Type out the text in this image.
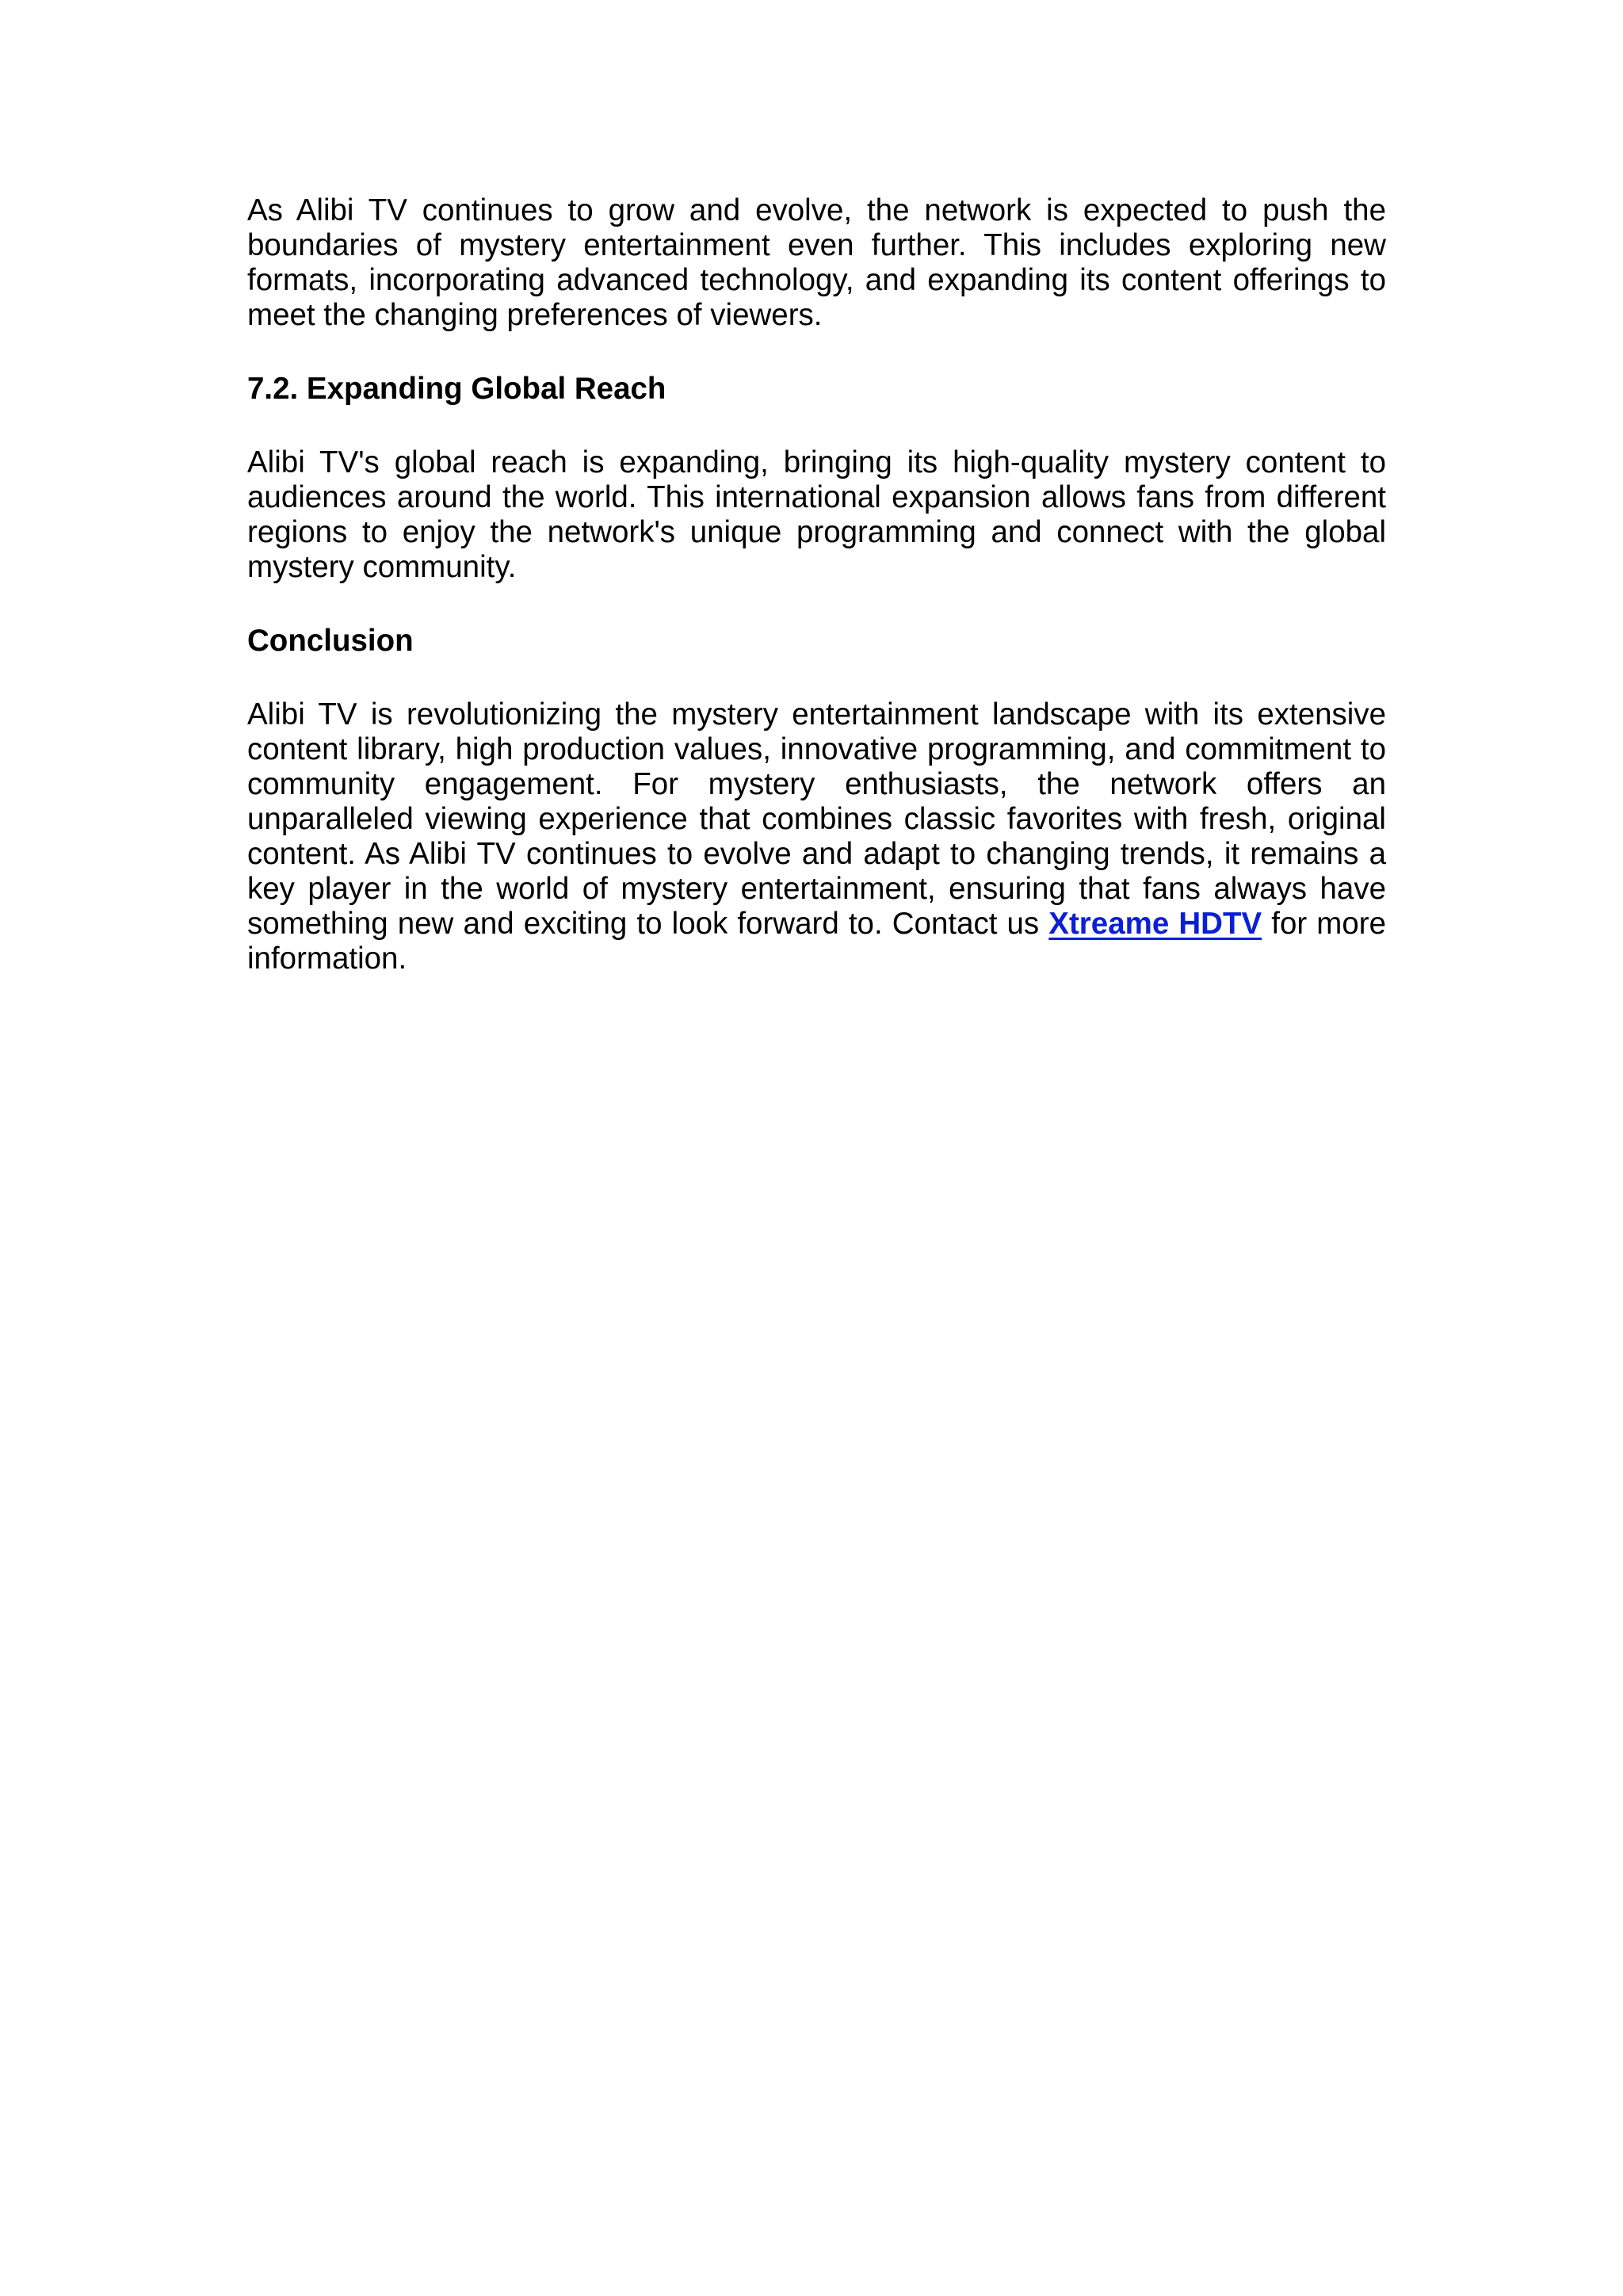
As Alibi TV continues to grow and evolve, the network is expected to push the boundaries of mystery entertainment even further. This includes exploring new formats, incorporating advanced technology, and expanding its content offerings to meet the changing preferences of viewers.

7.2. Expanding Global Reach

Alibi TV's global reach is expanding, bringing its high-quality mystery content to audiences around the world. This international expansion allows fans from different regions to enjoy the network's unique programming and connect with the global mystery community.

Conclusion

Alibi TV is revolutionizing the mystery entertainment landscape with its extensive content library, high production values, innovative programming, and commitment to community engagement. For mystery enthusiasts, the network offers an unparalleled viewing experience that combines classic favorites with fresh, original content. As Alibi TV continues to evolve and adapt to changing trends, it remains a key player in the world of mystery entertainment, ensuring that fans always have something new and exciting to look forward to. Contact us Xtreame HDTV for more information.
